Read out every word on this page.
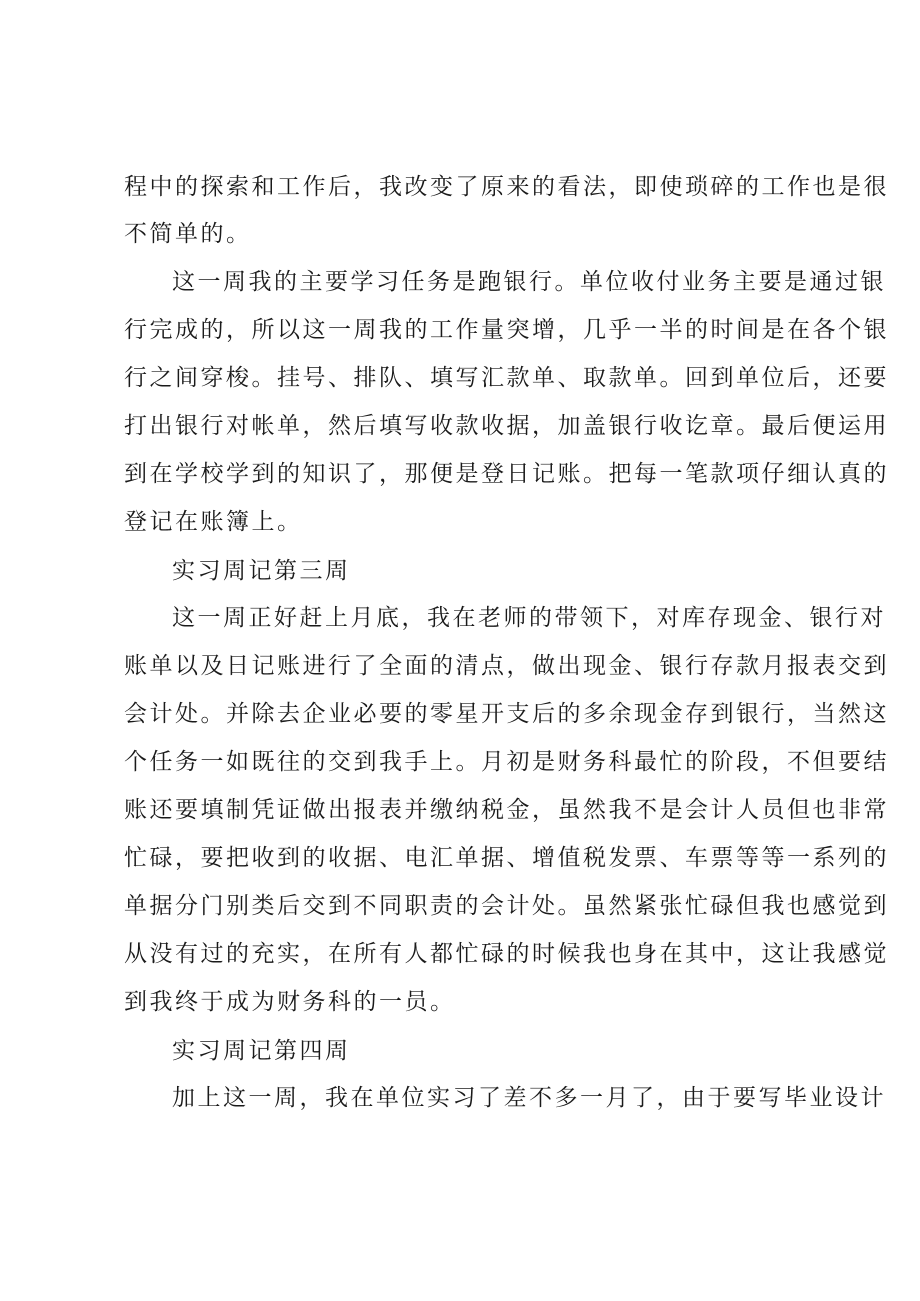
程中的探索和工作后，我改变了原来的看法，即使琐碎的工作也是很
不简单的。
这一周我的主要学习任务是跑银行。单位收付业务主要是通过银
行完成的，所以这一周我的工作量突增，几乎一半的时间是在各个银
行之间穿梭。挂号、排队、填写汇款单、取款单。回到单位后，还要
打出银行对帐单，然后填写收款收据，加盖银行收讫章。最后便运用
到在学校学到的知识了，那便是登日记账。把每一笔款项仔细认真的
登记在账簿上。
实习周记第三周
这一周正好赶上月底，我在老师的带领下，对库存现金、银行对
账单以及日记账进行了全面的清点，做出现金、银行存款月报表交到
会计处。并除去企业必要的零星开支后的多余现金存到银行，当然这
个任务一如既往的交到我手上。月初是财务科最忙的阶段，不但要结
账还要填制凭证做出报表并缴纳税金，虽然我不是会计人员但也非常
忙碌，要把收到的收据、电汇单据、增值税发票、车票等等一系列的
单据分门别类后交到不同职责的会计处。虽然紧张忙碌但我也感觉到
从没有过的充实，在所有人都忙碌的时候我也身在其中，这让我感觉
到我终于成为财务科的一员。
实习周记第四周
加上这一周，我在单位实习了差不多一月了，由于要写毕业设计
